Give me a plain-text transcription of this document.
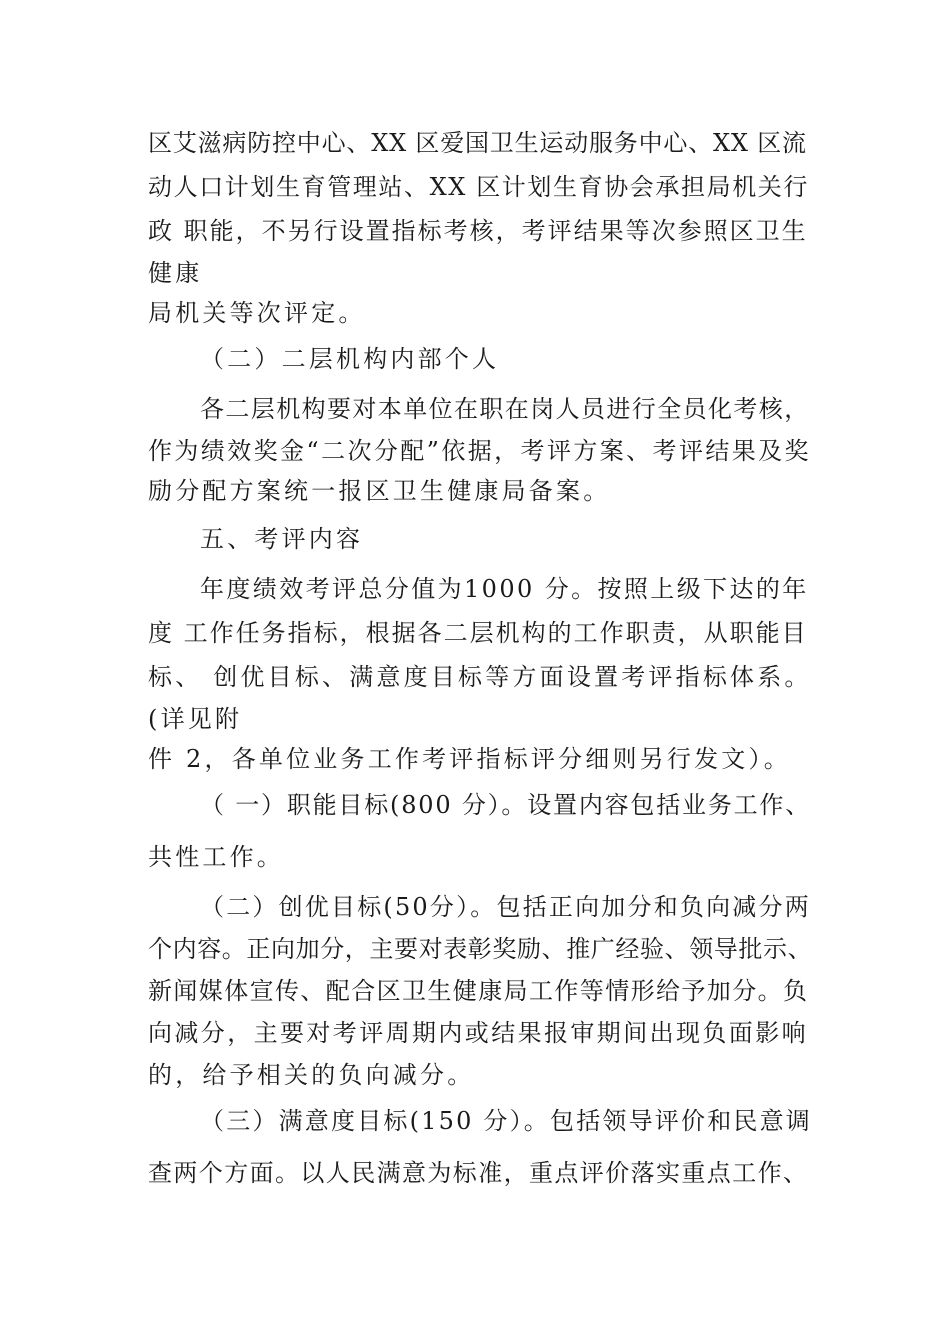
区艾滋病防控中心、XX 区爱国卫生运动服务中心、XX 区流
动人口计划生育管理站、XX 区计划生育协会承担局机关行
政 职能，不另行设置指标考核，考评结果等次参照区卫生
健康
局机关等次评定。
（二）二层机构内部个人
各二层机构要对本单位在职在岗人员进行全员化考核，
作为绩效奖金“二次分配”依据，考评方案、考评结果及奖
励分配方案统一报区卫生健康局备案。
五、考评内容
年度绩效考评总分值为1000 分。按照上级下达的年
度 工作任务指标，根据各二层机构的工作职责，从职能目
标、 创优目标、满意度目标等方面设置考评指标体系。
(详见附
件 2，各单位业务工作考评指标评分细则另行发文）。
（ 一）职能目标(800 分）。设置内容包括业务工作、
共性工作。
（二）创优目标(50分）。包括正向加分和负向减分两
个内容。正向加分，主要对表彰奖励、推广经验、领导批示、
新闻媒体宣传、配合区卫生健康局工作等情形给予加分。负
向减分，主要对考评周期内或结果报审期间出现负面影响
的，给予相关的负向减分。
（三）满意度目标(150 分）。包括领导评价和民意调
查两个方面。以人民满意为标准，重点评价落实重点工作、
